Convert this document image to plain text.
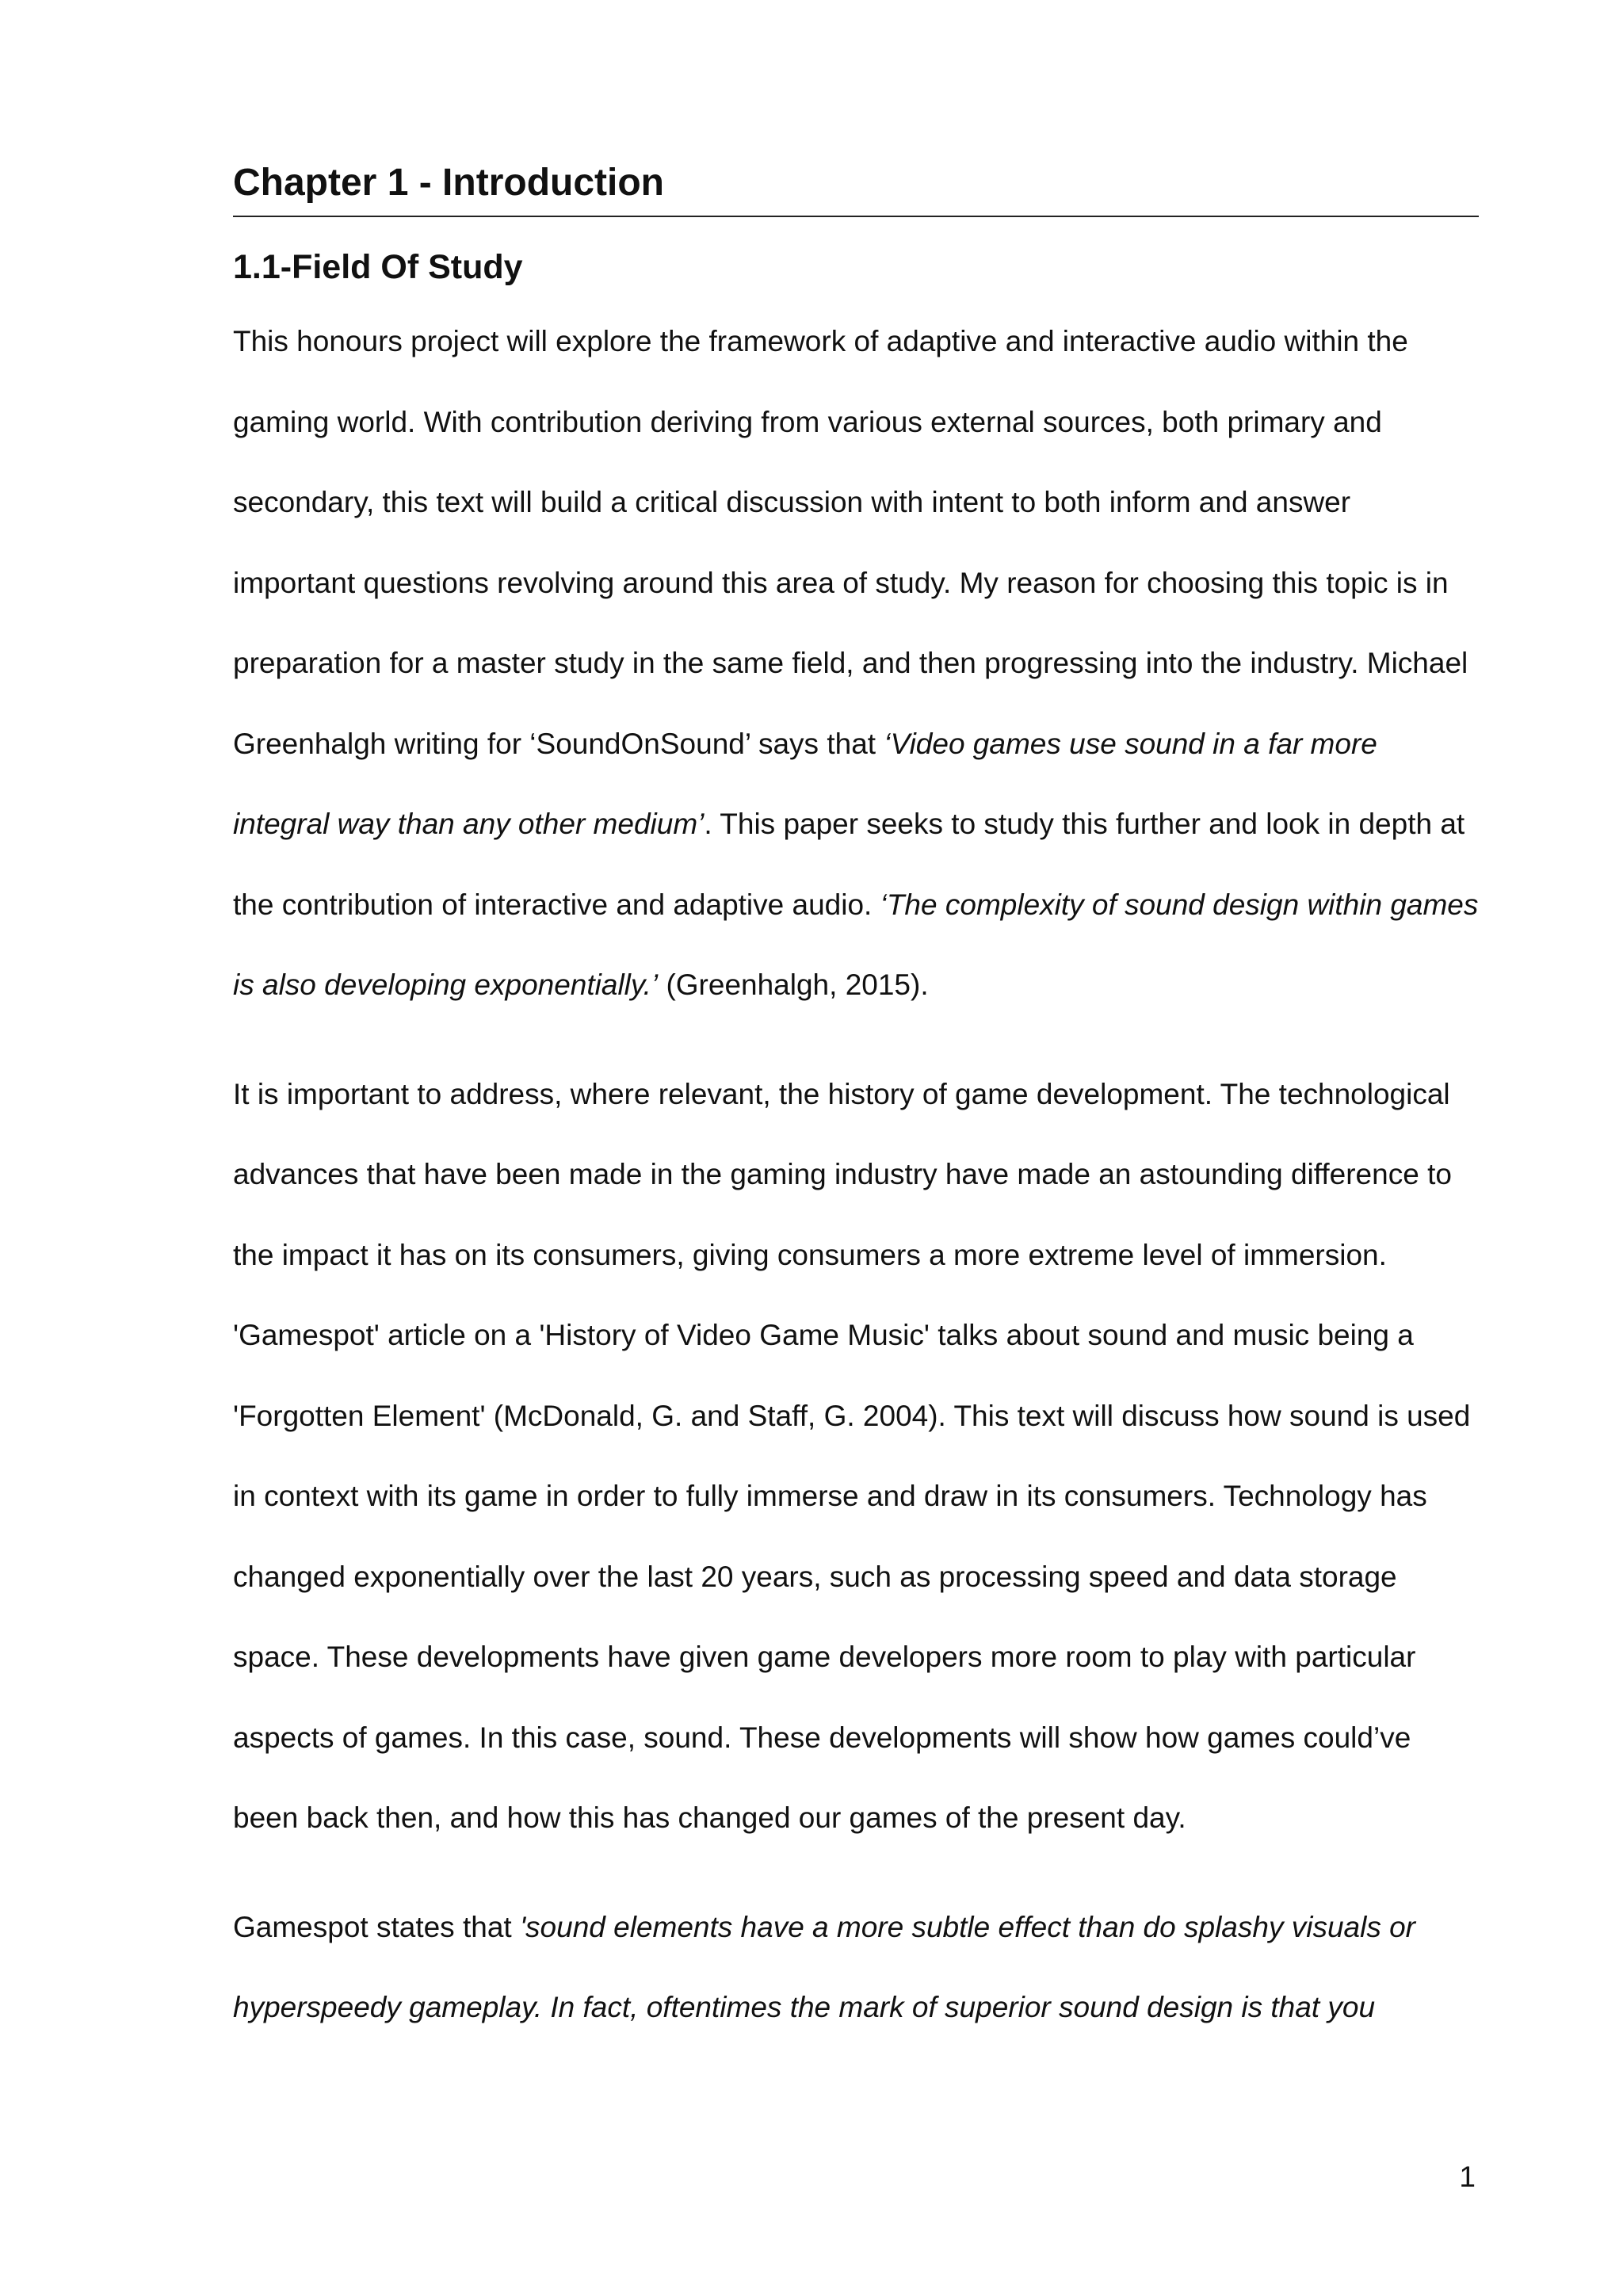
Chapter 1 - Introduction
1.1-Field Of Study

This honours project will explore the framework of adaptive and interactive audio within the gaming world. With contribution deriving from various external sources, both primary and secondary, this text will build a critical discussion with intent to both inform and answer important questions revolving around this area of study. My reason for choosing this topic is in preparation for a master study in the same field, and then progressing into the industry. Michael Greenhalgh writing for ‘SoundOnSound’ says that ‘Video games use sound in a far more integral way than any other medium’. This paper seeks to study this further and look in depth at the contribution of interactive and adaptive audio. ‘The complexity of sound design within games is also developing exponentially.’ (Greenhalgh, 2015).

It is important to address, where relevant, the history of game development. The technological advances that have been made in the gaming industry have made an astounding difference to the impact it has on its consumers, giving consumers a more extreme level of immersion. 'Gamespot' article on a 'History of Video Game Music' talks about sound and music being a 'Forgotten Element' (McDonald, G. and Staff, G. 2004). This text will discuss how sound is used in context with its game in order to fully immerse and draw in its consumers. Technology has changed exponentially over the last 20 years, such as processing speed and data storage space. These developments have given game developers more room to play with particular aspects of games. In this case, sound. These developments will show how games could’ve been back then, and how this has changed our games of the present day.

Gamespot states that 'sound elements have a more subtle effect than do splashy visuals or hyperspeedy gameplay. In fact, oftentimes the mark of superior sound design is that you

1
